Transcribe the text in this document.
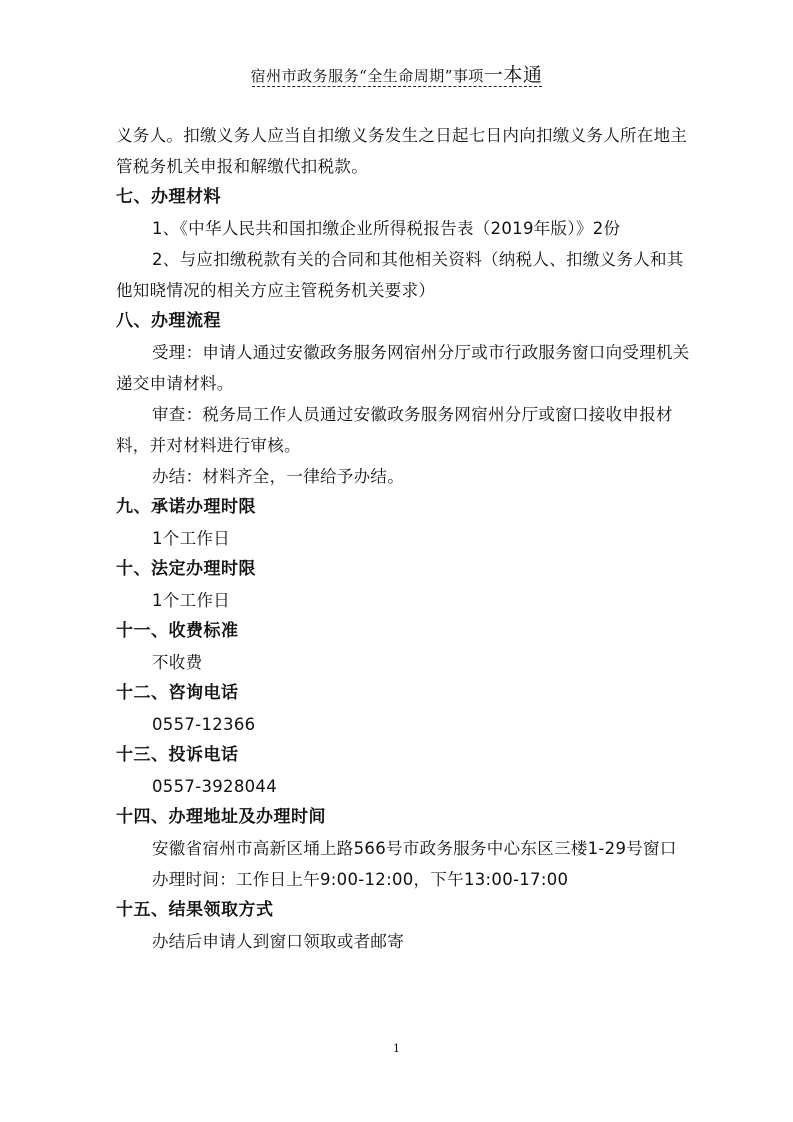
宿州市政务服务“全生命周期”事项一本通

义务人。扣缴义务人应当自扣缴义务发生之日起七日内向扣缴义务人所在地主管税务机关申报和解缴代扣税款。

七、办理材料

1、《中华人民共和国扣缴企业所得税报告表（2019年版）》2份

2、与应扣缴税款有关的合同和其他相关资料（纳税人、扣缴义务人和其他知晓情况的相关方应主管税务机关要求）

八、办理流程

受理：申请人通过安徽政务服务网宿州分厅或市行政服务窗口向受理机关递交申请材料。

审查：税务局工作人员通过安徽政务服务网宿州分厅或窗口接收申报材料，并对材料进行审核。

办结：材料齐全，一律给予办结。

九、承诺办理时限

1个工作日

十、法定办理时限

1个工作日

十一、收费标准

不收费

十二、咨询电话

0557-12366

十三、投诉电话

0557-3928044

十四、办理地址及办理时间

安徽省宿州市高新区埇上路566号市政务服务中心东区三楼1-29号窗口

办理时间：工作日上午9:00-12:00，下午13:00-17:00

十五、结果领取方式

办结后申请人到窗口领取或者邮寄

1
